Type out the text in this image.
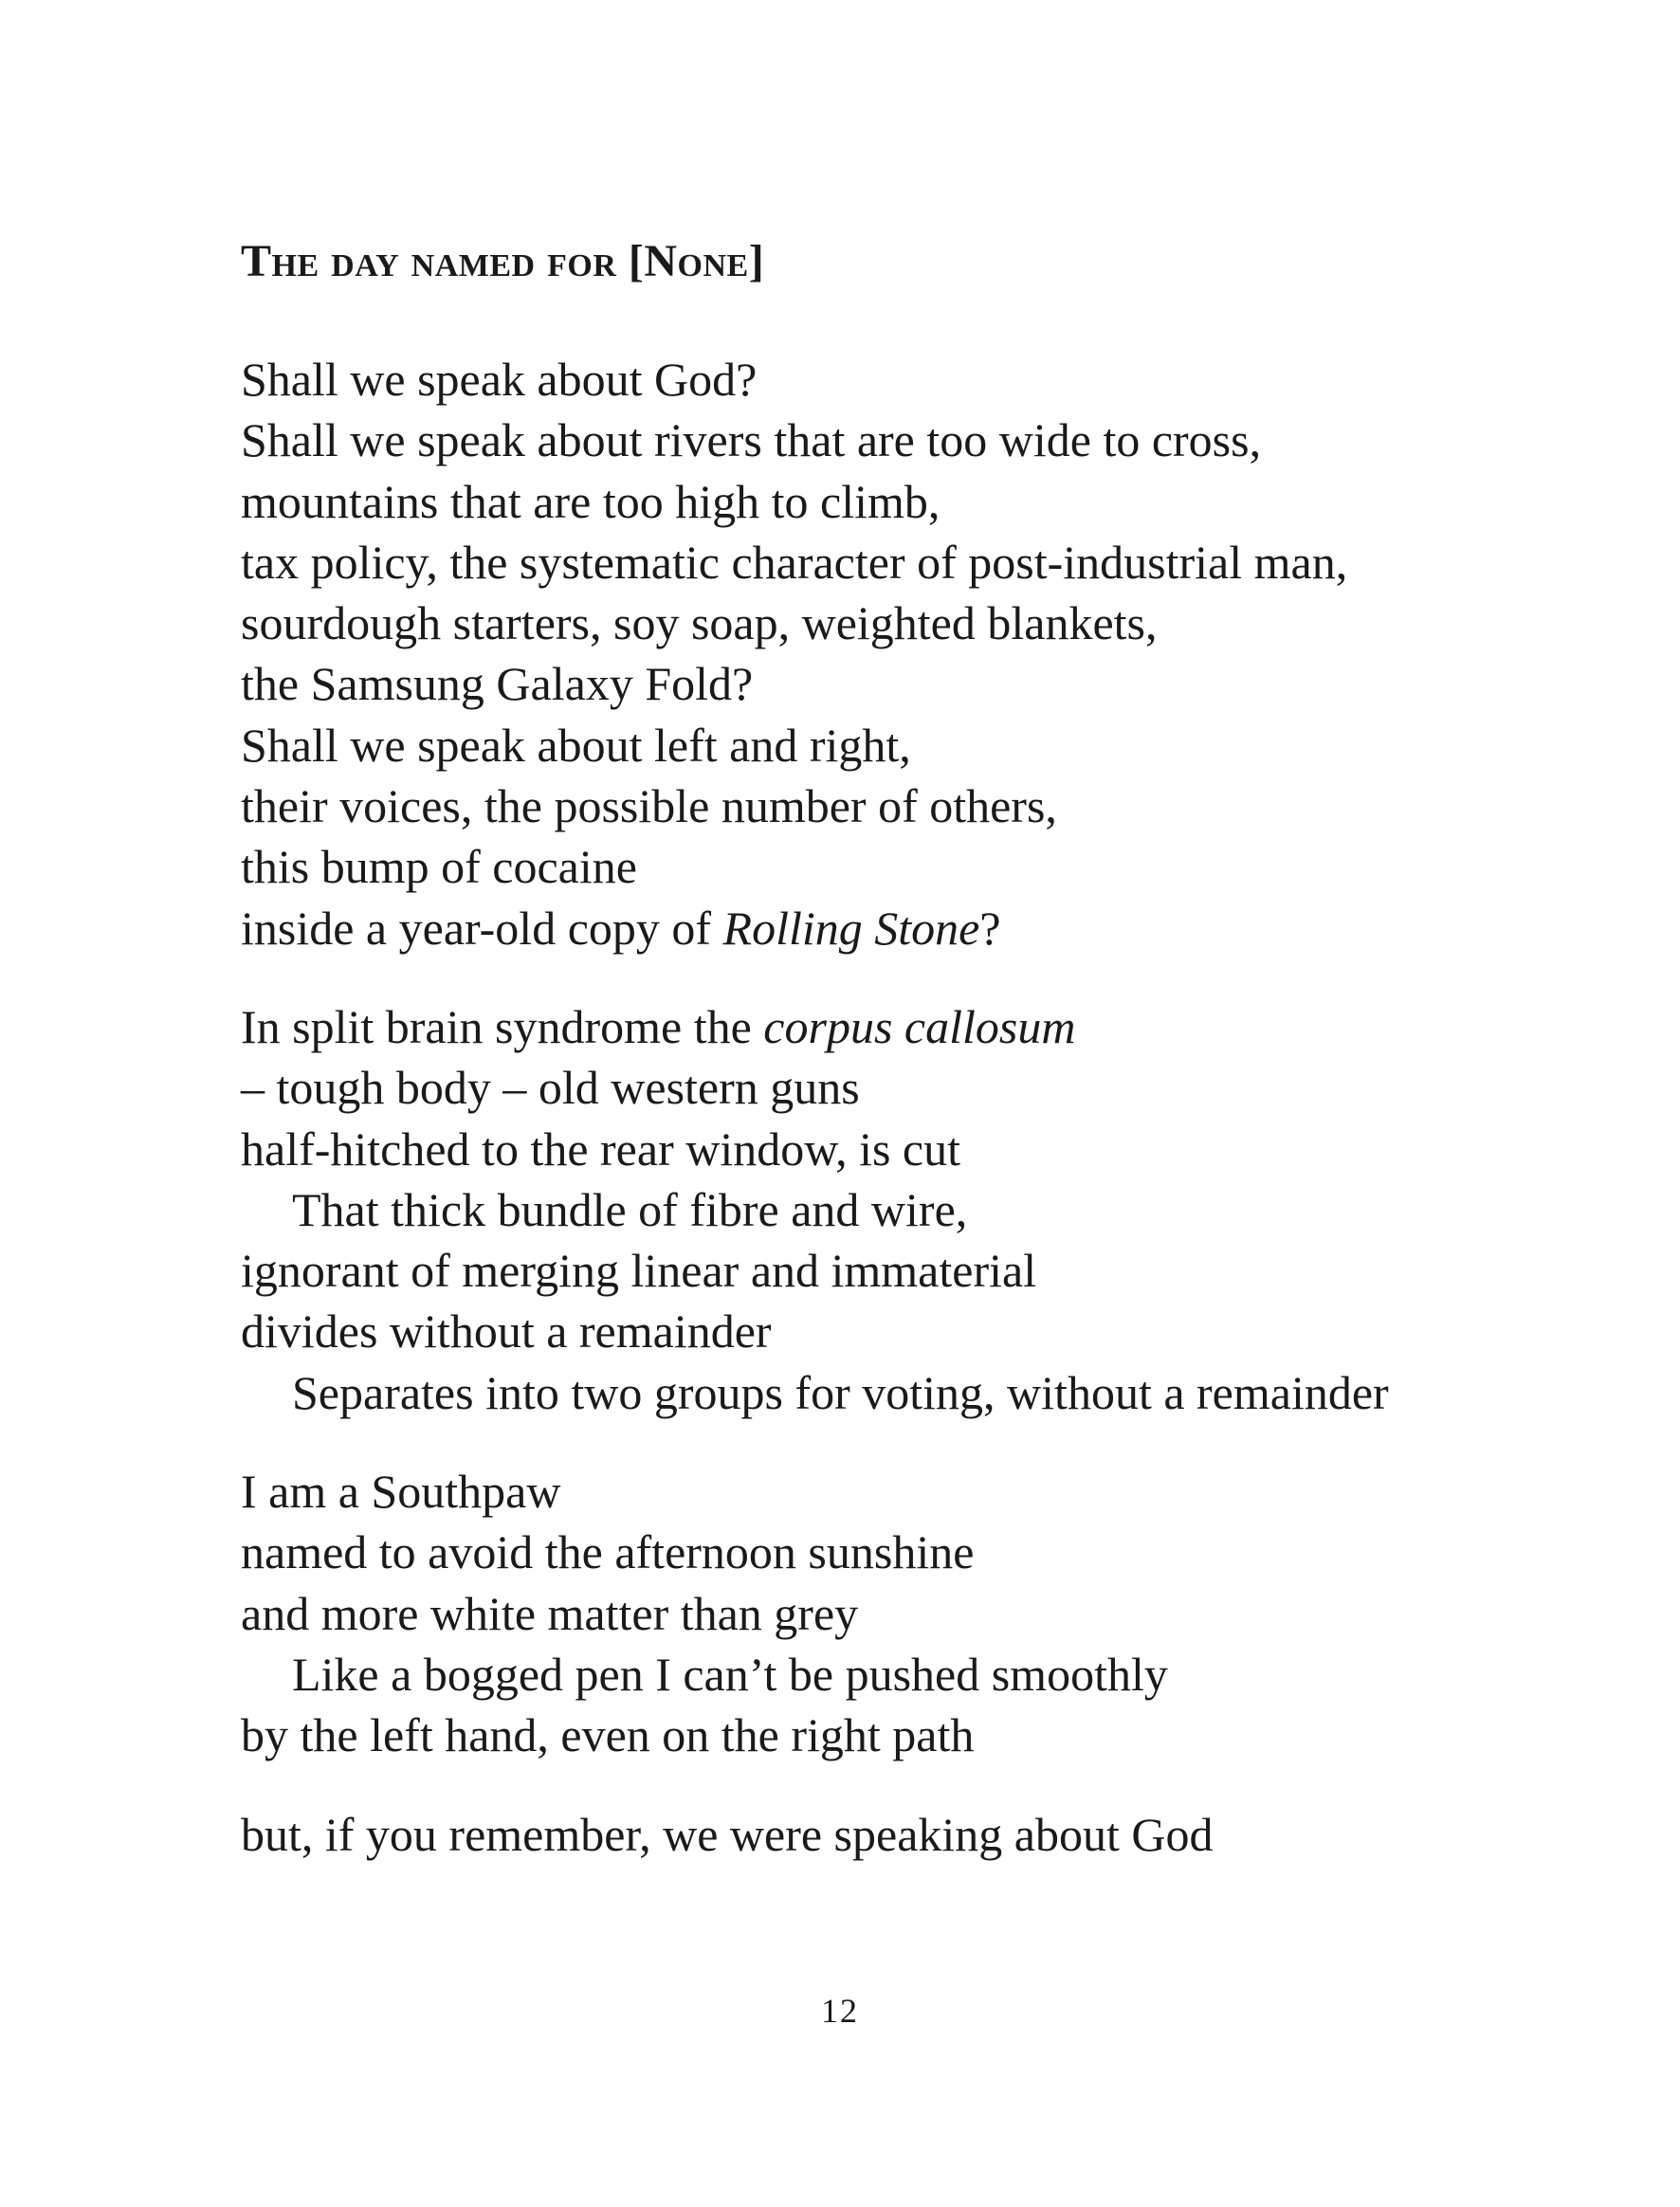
The day named for [None]

Shall we speak about God?
Shall we speak about rivers that are too wide to cross,
mountains that are too high to climb,
tax policy, the systematic character of post-industrial man,
sourdough starters, soy soap, weighted blankets,
the Samsung Galaxy Fold?
Shall we speak about left and right,
their voices, the possible number of others,
this bump of cocaine
inside a year-old copy of Rolling Stone?

In split brain syndrome the corpus callosum
– tough body – old western guns
half-hitched to the rear window, is cut
That thick bundle of fibre and wire,
ignorant of merging linear and immaterial
divides without a remainder
Separates into two groups for voting, without a remainder

I am a Southpaw
named to avoid the afternoon sunshine
and more white matter than grey
Like a bogged pen I can’t be pushed smoothly
by the left hand, even on the right path

but, if you remember, we were speaking about God

12
